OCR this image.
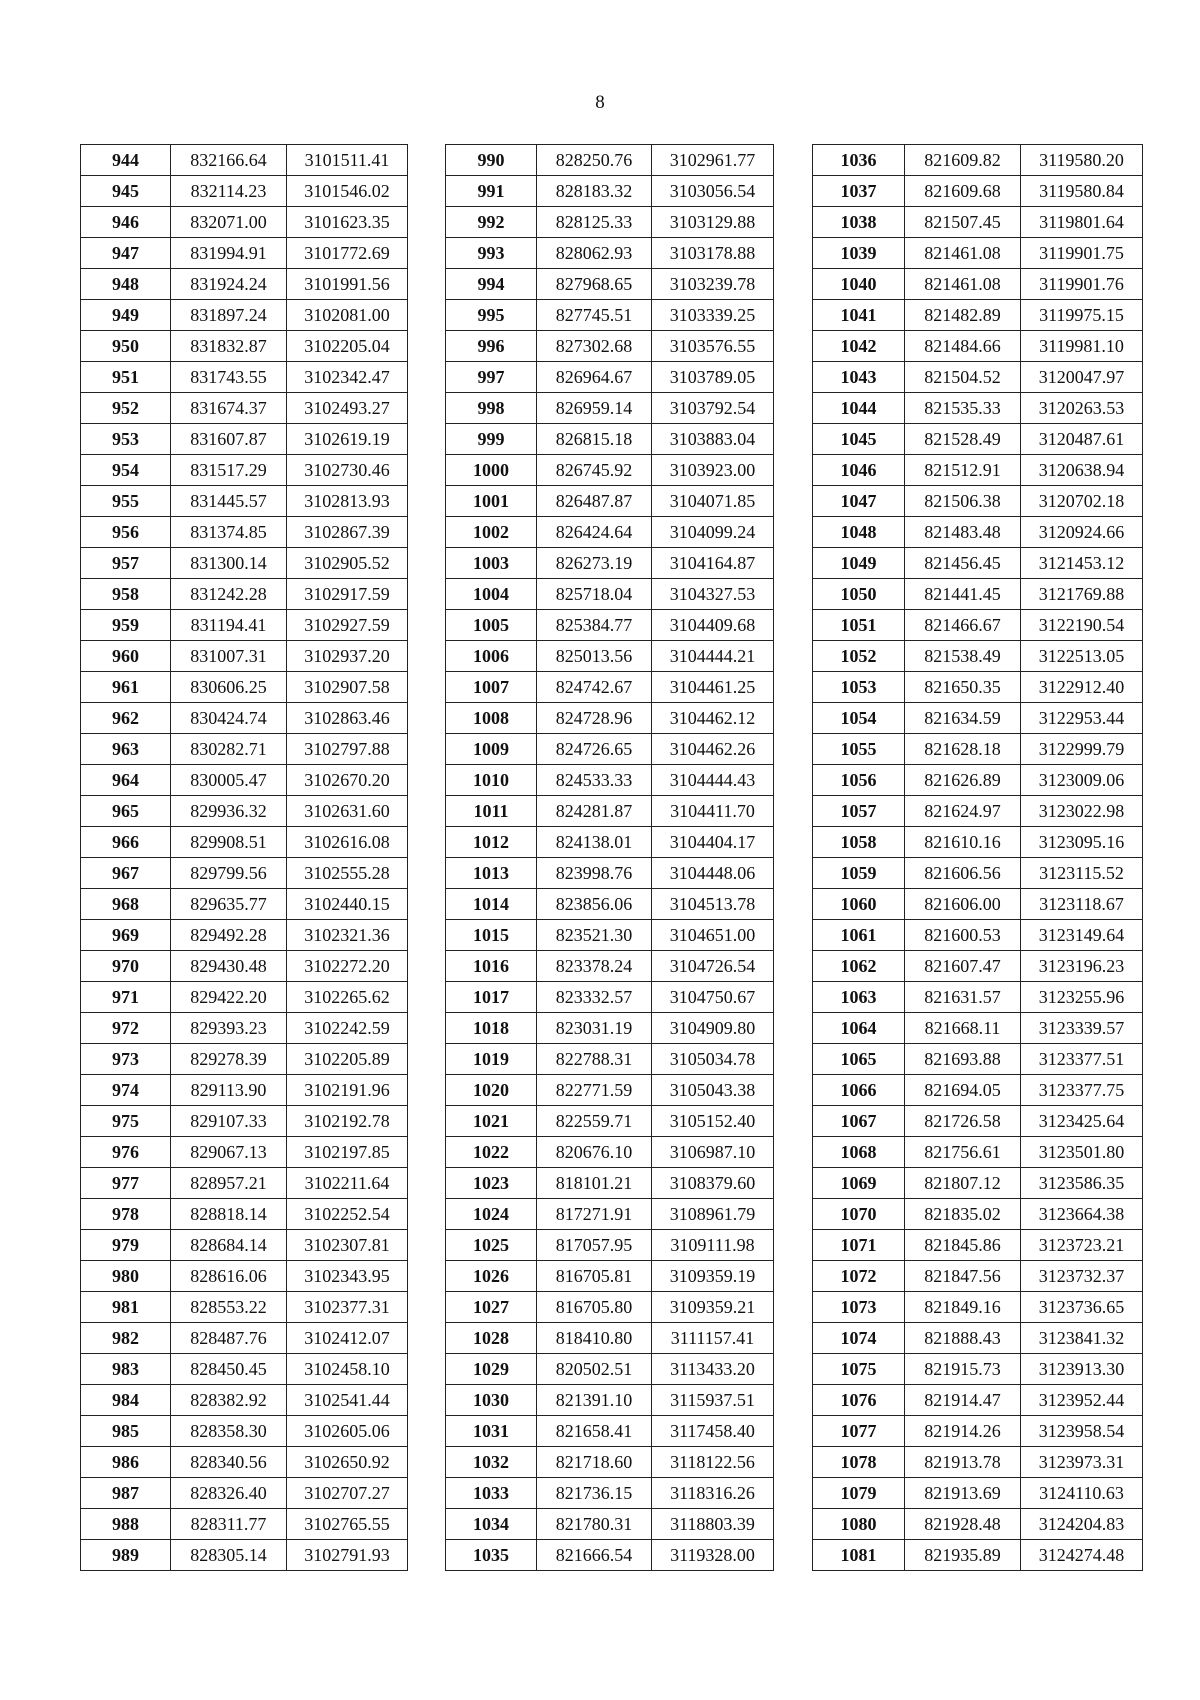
8
944	832166.64	3101511.41
945	832114.23	3101546.02
946	832071.00	3101623.35
947	831994.91	3101772.69
948	831924.24	3101991.56
949	831897.24	3102081.00
950	831832.87	3102205.04
951	831743.55	3102342.47
952	831674.37	3102493.27
953	831607.87	3102619.19
954	831517.29	3102730.46
955	831445.57	3102813.93
956	831374.85	3102867.39
957	831300.14	3102905.52
958	831242.28	3102917.59
959	831194.41	3102927.59
960	831007.31	3102937.20
961	830606.25	3102907.58
962	830424.74	3102863.46
963	830282.71	3102797.88
964	830005.47	3102670.20
965	829936.32	3102631.60
966	829908.51	3102616.08
967	829799.56	3102555.28
968	829635.77	3102440.15
969	829492.28	3102321.36
970	829430.48	3102272.20
971	829422.20	3102265.62
972	829393.23	3102242.59
973	829278.39	3102205.89
974	829113.90	3102191.96
975	829107.33	3102192.78
976	829067.13	3102197.85
977	828957.21	3102211.64
978	828818.14	3102252.54
979	828684.14	3102307.81
980	828616.06	3102343.95
981	828553.22	3102377.31
982	828487.76	3102412.07
983	828450.45	3102458.10
984	828382.92	3102541.44
985	828358.30	3102605.06
986	828340.56	3102650.92
987	828326.40	3102707.27
988	828311.77	3102765.55
989	828305.14	3102791.93
990	828250.76	3102961.77
991	828183.32	3103056.54
992	828125.33	3103129.88
993	828062.93	3103178.88
994	827968.65	3103239.78
995	827745.51	3103339.25
996	827302.68	3103576.55
997	826964.67	3103789.05
998	826959.14	3103792.54
999	826815.18	3103883.04
1000	826745.92	3103923.00
1001	826487.87	3104071.85
1002	826424.64	3104099.24
1003	826273.19	3104164.87
1004	825718.04	3104327.53
1005	825384.77	3104409.68
1006	825013.56	3104444.21
1007	824742.67	3104461.25
1008	824728.96	3104462.12
1009	824726.65	3104462.26
1010	824533.33	3104444.43
1011	824281.87	3104411.70
1012	824138.01	3104404.17
1013	823998.76	3104448.06
1014	823856.06	3104513.78
1015	823521.30	3104651.00
1016	823378.24	3104726.54
1017	823332.57	3104750.67
1018	823031.19	3104909.80
1019	822788.31	3105034.78
1020	822771.59	3105043.38
1021	822559.71	3105152.40
1022	820676.10	3106987.10
1023	818101.21	3108379.60
1024	817271.91	3108961.79
1025	817057.95	3109111.98
1026	816705.81	3109359.19
1027	816705.80	3109359.21
1028	818410.80	3111157.41
1029	820502.51	3113433.20
1030	821391.10	3115937.51
1031	821658.41	3117458.40
1032	821718.60	3118122.56
1033	821736.15	3118316.26
1034	821780.31	3118803.39
1035	821666.54	3119328.00
1036	821609.82	3119580.20
1037	821609.68	3119580.84
1038	821507.45	3119801.64
1039	821461.08	3119901.75
1040	821461.08	3119901.76
1041	821482.89	3119975.15
1042	821484.66	3119981.10
1043	821504.52	3120047.97
1044	821535.33	3120263.53
1045	821528.49	3120487.61
1046	821512.91	3120638.94
1047	821506.38	3120702.18
1048	821483.48	3120924.66
1049	821456.45	3121453.12
1050	821441.45	3121769.88
1051	821466.67	3122190.54
1052	821538.49	3122513.05
1053	821650.35	3122912.40
1054	821634.59	3122953.44
1055	821628.18	3122999.79
1056	821626.89	3123009.06
1057	821624.97	3123022.98
1058	821610.16	3123095.16
1059	821606.56	3123115.52
1060	821606.00	3123118.67
1061	821600.53	3123149.64
1062	821607.47	3123196.23
1063	821631.57	3123255.96
1064	821668.11	3123339.57
1065	821693.88	3123377.51
1066	821694.05	3123377.75
1067	821726.58	3123425.64
1068	821756.61	3123501.80
1069	821807.12	3123586.35
1070	821835.02	3123664.38
1071	821845.86	3123723.21
1072	821847.56	3123732.37
1073	821849.16	3123736.65
1074	821888.43	3123841.32
1075	821915.73	3123913.30
1076	821914.47	3123952.44
1077	821914.26	3123958.54
1078	821913.78	3123973.31
1079	821913.69	3124110.63
1080	821928.48	3124204.83
1081	821935.89	3124274.48
